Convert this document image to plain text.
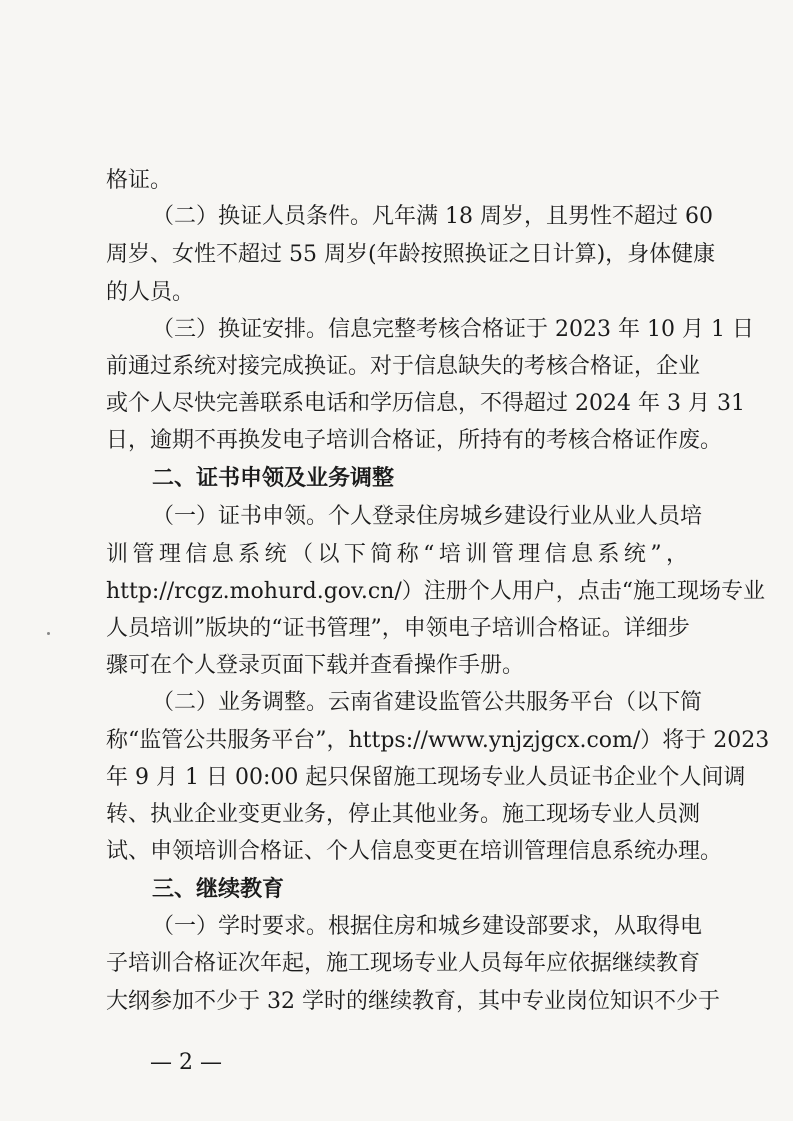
格证。
（二）换证人员条件。凡年满 18 周岁，且男性不超过 60
周岁、女性不超过 55 周岁(年龄按照换证之日计算)，身体健康
的人员。
（三）换证安排。信息完整考核合格证于 2023 年 10 月 1 日
前通过系统对接完成换证。对于信息缺失的考核合格证，企业
或个人尽快完善联系电话和学历信息，不得超过 2024 年 3 月 31
日，逾期不再换发电子培训合格证，所持有的考核合格证作废。
二、证书申领及业务调整
（一）证书申领。个人登录住房城乡建设行业从业人员培
训管理信息系统（以下简称“培训管理信息系统”，
http://rcgz.mohurd.gov.cn/）注册个人用户，点击“施工现场专业
人员培训”版块的“证书管理”，申领电子培训合格证。详细步
骤可在个人登录页面下载并查看操作手册。
（二）业务调整。云南省建设监管公共服务平台（以下简
称“监管公共服务平台”，https://www.ynjzjgcx.com/）将于 2023
年 9 月 1 日 00:00 起只保留施工现场专业人员证书企业个人间调
转、执业企业变更业务，停止其他业务。施工现场专业人员测
试、申领培训合格证、个人信息变更在培训管理信息系统办理。
三、继续教育
（一）学时要求。根据住房和城乡建设部要求，从取得电
子培训合格证次年起，施工现场专业人员每年应依据继续教育
大纲参加不少于 32 学时的继续教育，其中专业岗位知识不少于
— 2 —
